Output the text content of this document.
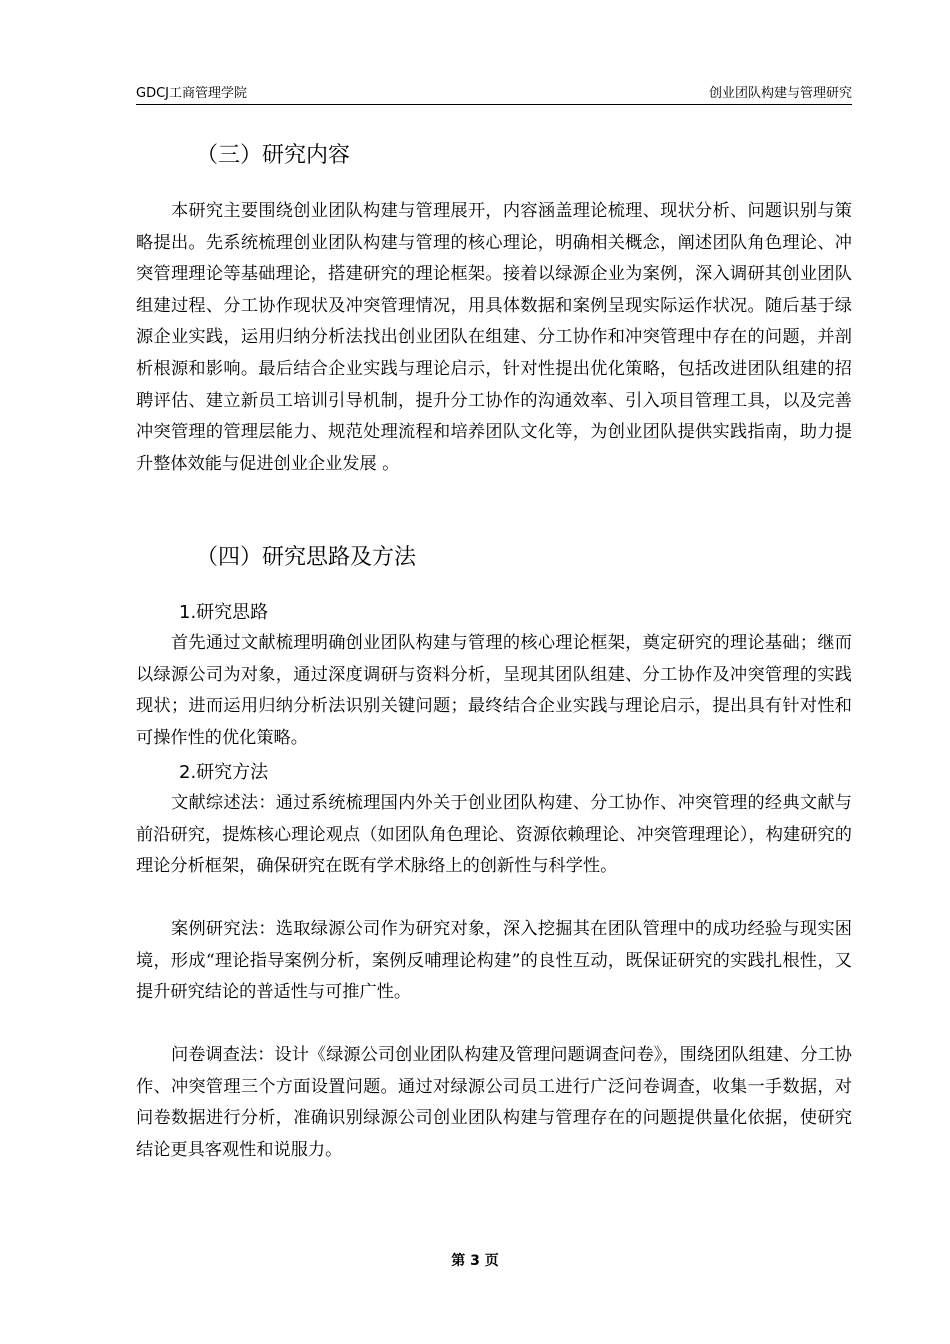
GDCJ工商管理学院	创业团队构建与管理研究
（三）研究内容

本研究主要围绕创业团队构建与管理展开，内容涵盖理论梳理、现状分析、问题识别与策略提出。先系统梳理创业团队构建与管理的核心理论，明确相关概念，阐述团队角色理论、冲突管理理论等基础理论，搭建研究的理论框架。接着以绿源企业为案例，深入调研其创业团队组建过程、分工协作现状及冲突管理情况，用具体数据和案例呈现实际运作状况。随后基于绿源企业实践，运用归纳分析法找出创业团队在组建、分工协作和冲突管理中存在的问题，并剖析根源和影响。最后结合企业实践与理论启示，针对性提出优化策略，包括改进团队组建的招聘评估、建立新员工培训引导机制，提升分工协作的沟通效率、引入项目管理工具，以及完善冲突管理的管理层能力、规范处理流程和培养团队文化等，为创业团队提供实践指南，助力提升整体效能与促进创业企业发展 。

（四）研究思路及方法
1.研究思路

首先通过文献梳理明确创业团队构建与管理的核心理论框架，奠定研究的理论基础；继而以绿源公司为对象，通过深度调研与资料分析，呈现其团队组建、分工协作及冲突管理的实践现状；进而运用归纳分析法识别关键问题；最终结合企业实践与理论启示，提出具有针对性和可操作性的优化策略。

2.研究方法

文献综述法：通过系统梳理国内外关于创业团队构建、分工协作、冲突管理的经典文献与前沿研究，提炼核心理论观点（如团队角色理论、资源依赖理论、冲突管理理论），构建研究的理论分析框架，确保研究在既有学术脉络上的创新性与科学性。

案例研究法：选取绿源公司作为研究对象，深入挖掘其在团队管理中的成功经验与现实困境，形成“理论指导案例分析，案例反哺理论构建”的良性互动，既保证研究的实践扎根性，又提升研究结论的普适性与可推广性。

问卷调查法：设计《绿源公司创业团队构建及管理问题调查问卷》，围绕团队组建、分工协作、冲突管理三个方面设置问题。通过对绿源公司员工进行广泛问卷调查，收集一手数据，对问卷数据进行分析，准确识别绿源公司创业团队构建与管理存在的问题提供量化依据，使研究结论更具客观性和说服力。

第 3 页
